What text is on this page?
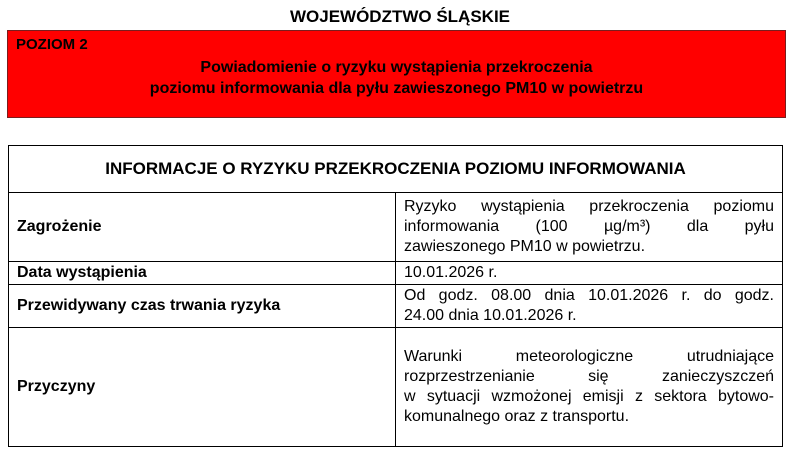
WOJEWÓDZTWO ŚLĄSKIE
POZIOM 2
Powiadomienie o ryzyku wystąpienia przekroczenia
poziomu informowania dla pyłu zawieszonego PM10 w powietrzu
INFORMACJE O RYZYKU PRZEKROCZENIA POZIOMU INFORMOWANIA	
Zagrożenie	Ryzyko wystąpienia przekroczenia poziomu
informowania (100 µg/m³) dla pyłu
zawieszonego PM10 w powietrzu.

Data wystąpienia	10.01.2026 r.

Przewidywany czas trwania ryzyka	Od godz. 08.00 dnia 10.01.2026 r. do godz.
24.00 dnia 10.01.2026 r.

Przyczyny	Warunki meteorologiczne utrudniające
rozprzestrzenianie się zanieczyszczeń
w sytuacji wzmożonej emisji z sektora bytowo-
komunalnego oraz z transportu.
